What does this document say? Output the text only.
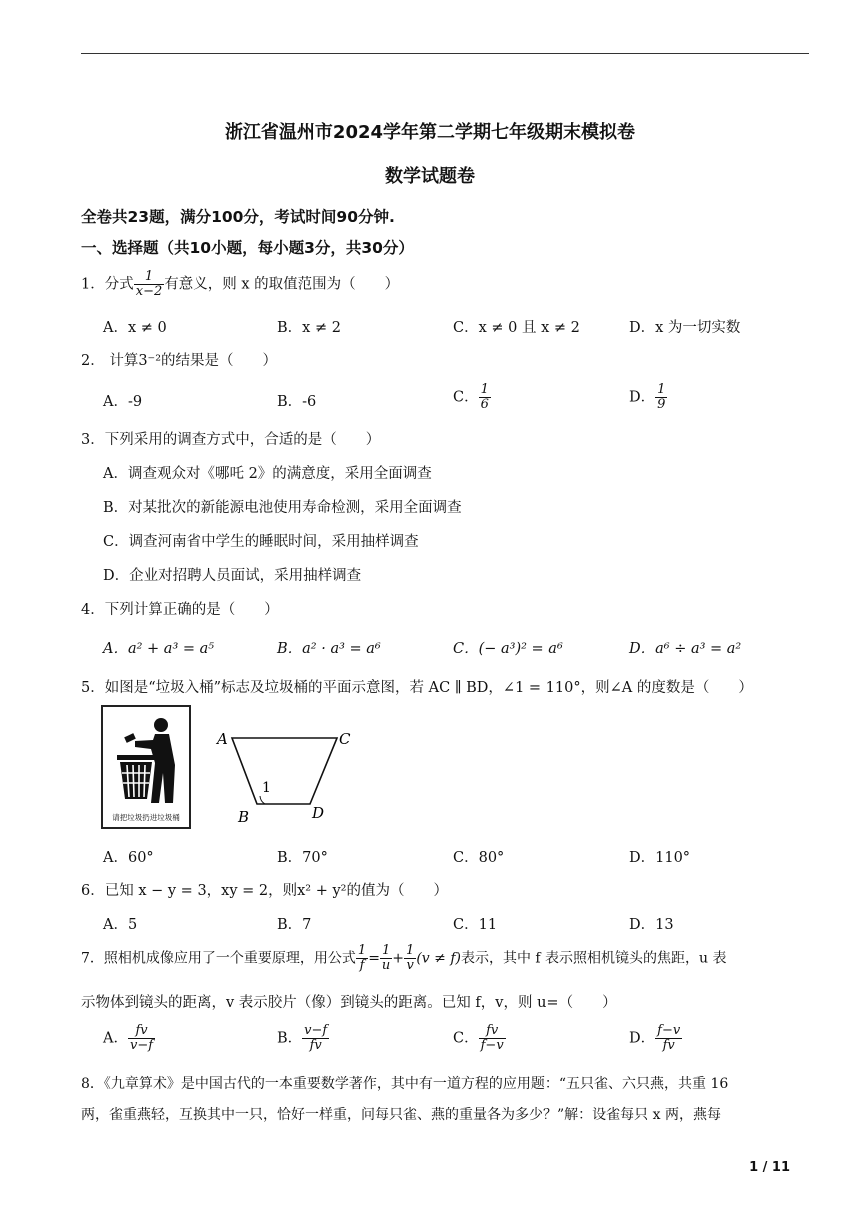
浙江省温州市2024学年第二学期七年级期末模拟卷
数学试题卷
全卷共23题，满分100分，考试时间90分钟.
一、选择题（共10小题，每小题3分，共30分）
1．分式 $\frac{1}{x-2}$ 有意义，则 x 的取值范围为（　　）
A．x ≠ 0	B．x ≠ 2	C．x ≠ 0 且 x ≠ 2	D．x 为一切实数
2． 计算3⁻²的结果是（　　）
A．-9	B．-6	C． $\frac{1}{6}$	D． $\frac{1}{9}$
3．下列采用的调查方式中，合适的是（　　）
A．调查观众对《哪吒 2》的满意度，采用全面调查
B．对某批次的新能源电池使用寿命检测，采用全面调查
C．调查河南省中学生的睡眠时间，采用抽样调查
D．企业对招聘人员面试，采用抽样调查
4．下列计算正确的是（　　）
A．a² + a³ = a⁵	B．a² · a³ = a⁶	C．(− a³)² = a⁶	D．a⁶ ÷ a³ = a²
5．如图是“垃圾入桶”标志及垃圾桶的平面示意图，若 AC ∥ BD，∠1 = 110°，则∠A 的度数是（　　）
请把垃圾扔进垃圾桶
A	C
B	D
1
A．60°	B．70°	C．80°	D．110°
6．已知 x − y = 3，xy = 2，则x² + y²的值为（　　）
A．5	B．7	C．11	D．13
7．照相机成像应用了一个重要原理，用公式 $\frac{1}{f} = \frac{1}{u} + \frac{1}{v} (v \ne f)$表示，其中 f 表示照相机镜头的焦距，u 表
示物体到镜头的距离，v 表示胶片（像）到镜头的距离。已知 f，v，则 u=（　　）
A． $\frac{fv}{v-f}$	B． $\frac{v-f}{fv}$	C． $\frac{fv}{f-v}$	D． $\frac{f-v}{fv}$
8．《九章算术》是中国古代的一本重要数学著作，其中有一道方程的应用题：“五只雀、六只燕，共重 16
两，雀重燕轻，互换其中一只，恰好一样重，问每只雀、燕的重量各为多少？”解：设雀每只 x 两，燕每
1 / 11
